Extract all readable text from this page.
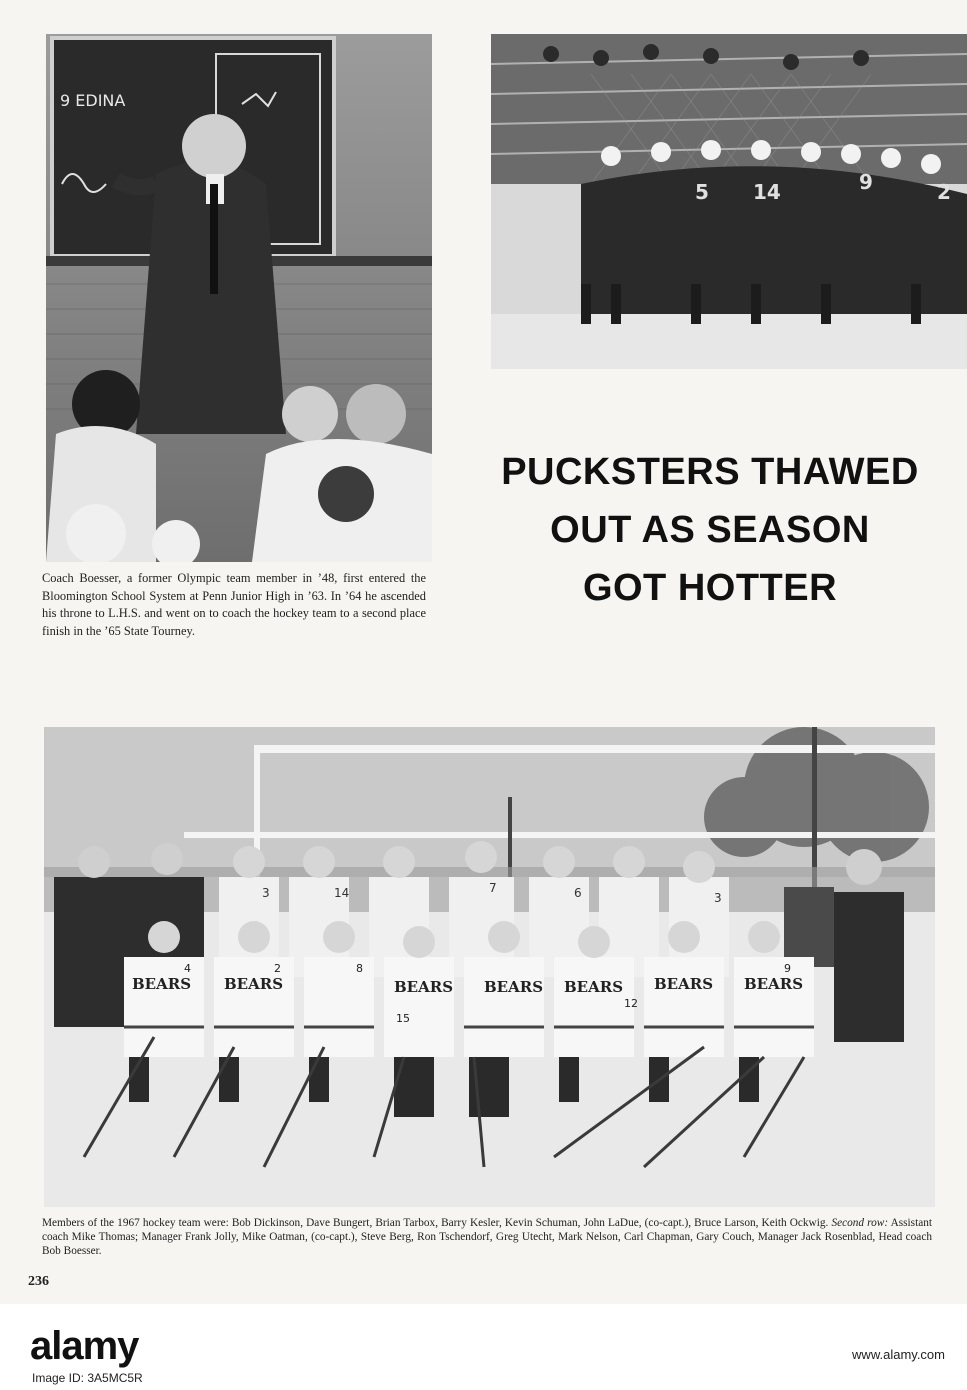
9 EDINA
5 14	9	2
PUCKSTERS THAWED
OUT AS SEASON
GOT HOTTER
Coach Boesser, a former Olympic team member in ’48, first entered the Bloomington School System at Penn Junior High in ’63. In ’64 he ascended his throne to L.H.S. and went on to coach the hockey team to a second place finish in the ’65 State Tourney.
3	14	7	6	3
BEARS BEARS	BEARS BEARS BEARS BEARS BEARS
4	2	8
15
12
9
Members of the 1967 hockey team were: Bob Dickinson, Dave Bungert, Brian Tarbox, Barry Kesler, Kevin Schuman, John LaDue, (co-capt.), Bruce Larson, Keith Ockwig. Second row: Assistant coach Mike Thomas; Manager Frank Jolly, Mike Oatman, (co-capt.), Steve Berg, Ron Tschendorf, Greg Utecht, Mark Nelson, Carl Chapman, Gary Couch, Manager Jack Rosenblad, Head coach Bob Boesser.
236
alamy
Image ID: 3A5MC5R
www.alamy.com
